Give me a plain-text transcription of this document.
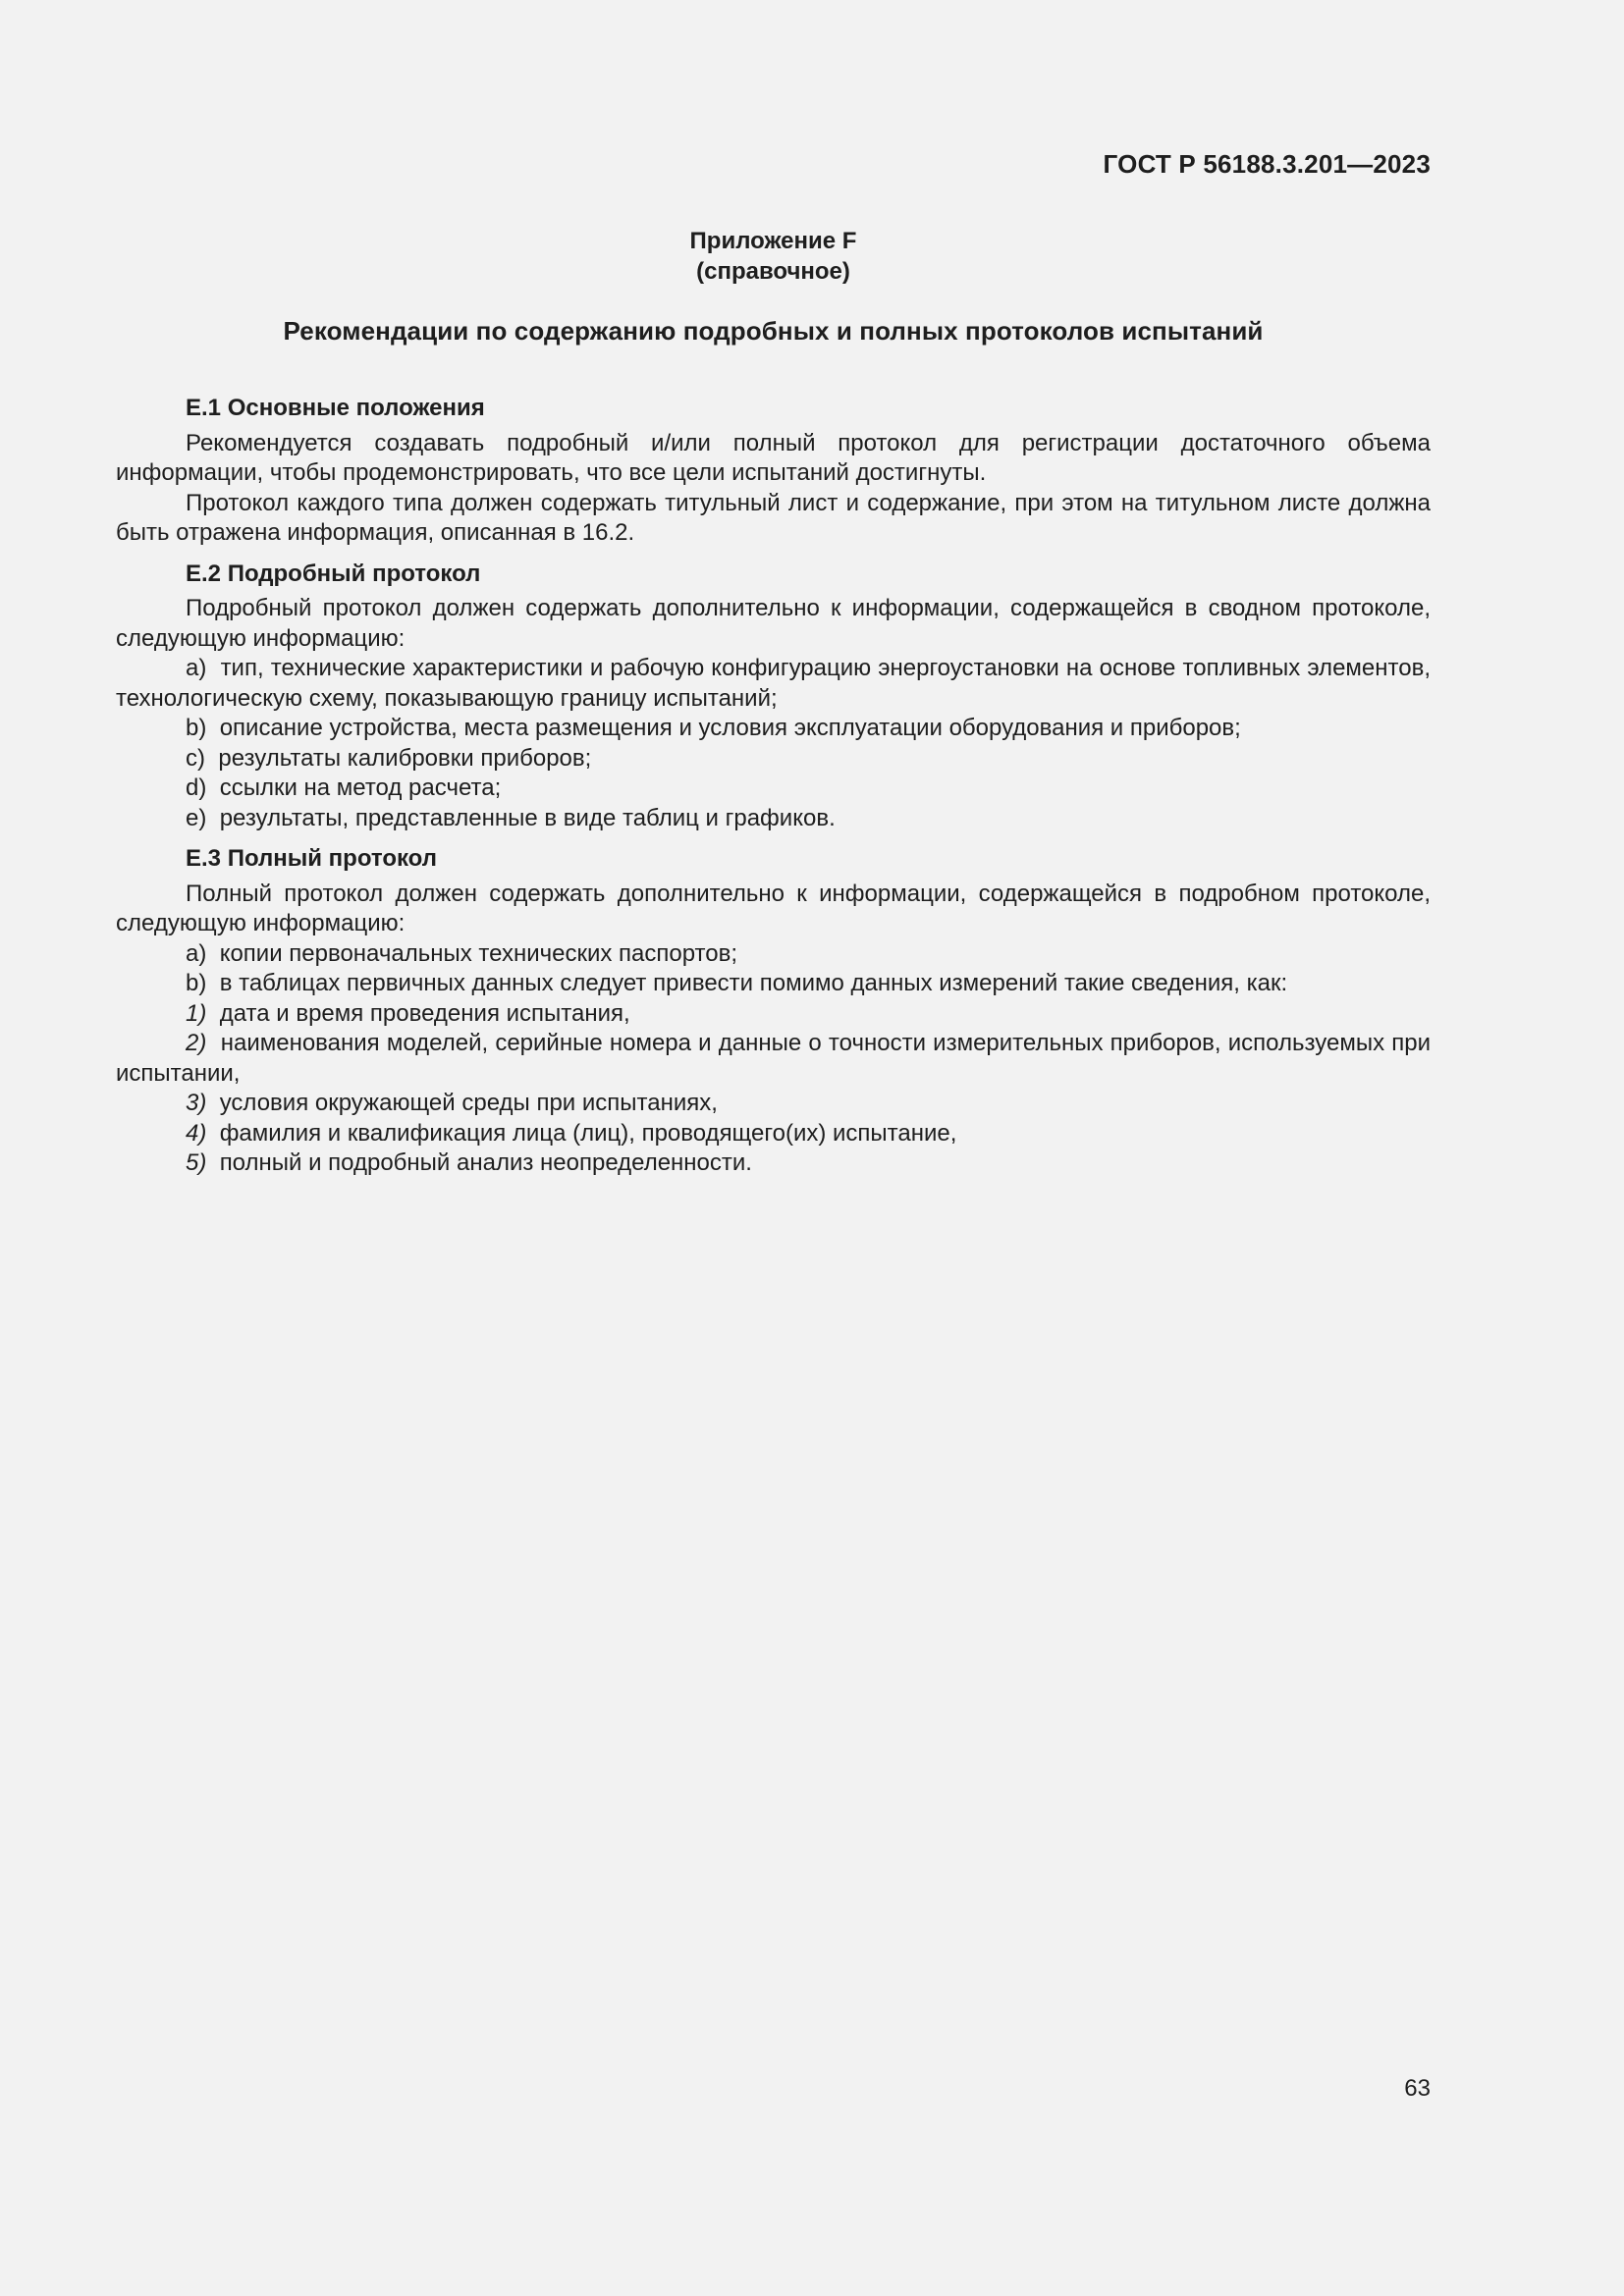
ГОСТ Р 56188.3.201—2023
Приложение F
(справочное)
Рекомендации по содержанию подробных и полных протоколов испытаний
Е.1 Основные положения

Рекомендуется создавать подробный и/или полный протокол для регистрации достаточного объема информации, чтобы продемонстрировать, что все цели испытаний достигнуты.

Протокол каждого типа должен содержать титульный лист и содержание, при этом на титульном листе должна быть отражена информация, описанная в 16.2.

Е.2 Подробный протокол

Подробный протокол должен содержать дополнительно к информации, содержащейся в сводном протоколе, следующую информацию:

a) тип, технические характеристики и рабочую конфигурацию энергоустановки на основе топливных элементов, технологическую схему, показывающую границу испытаний;

b) описание устройства, места размещения и условия эксплуатации оборудования и приборов;

c) результаты калибровки приборов;

d) ссылки на метод расчета;

e) результаты, представленные в виде таблиц и графиков.

Е.3 Полный протокол

Полный протокол должен содержать дополнительно к информации, содержащейся в подробном протоколе, следующую информацию:

a) копии первоначальных технических паспортов;

b) в таблицах первичных данных следует привести помимо данных измерений такие сведения, как:

1) дата и время проведения испытания,

2) наименования моделей, серийные номера и данные о точности измерительных приборов, используемых при испытании,

3) условия окружающей среды при испытаниях,

4) фамилия и квалификация лица (лиц), проводящего(их) испытание,

5) полный и подробный анализ неопределенности.

63
